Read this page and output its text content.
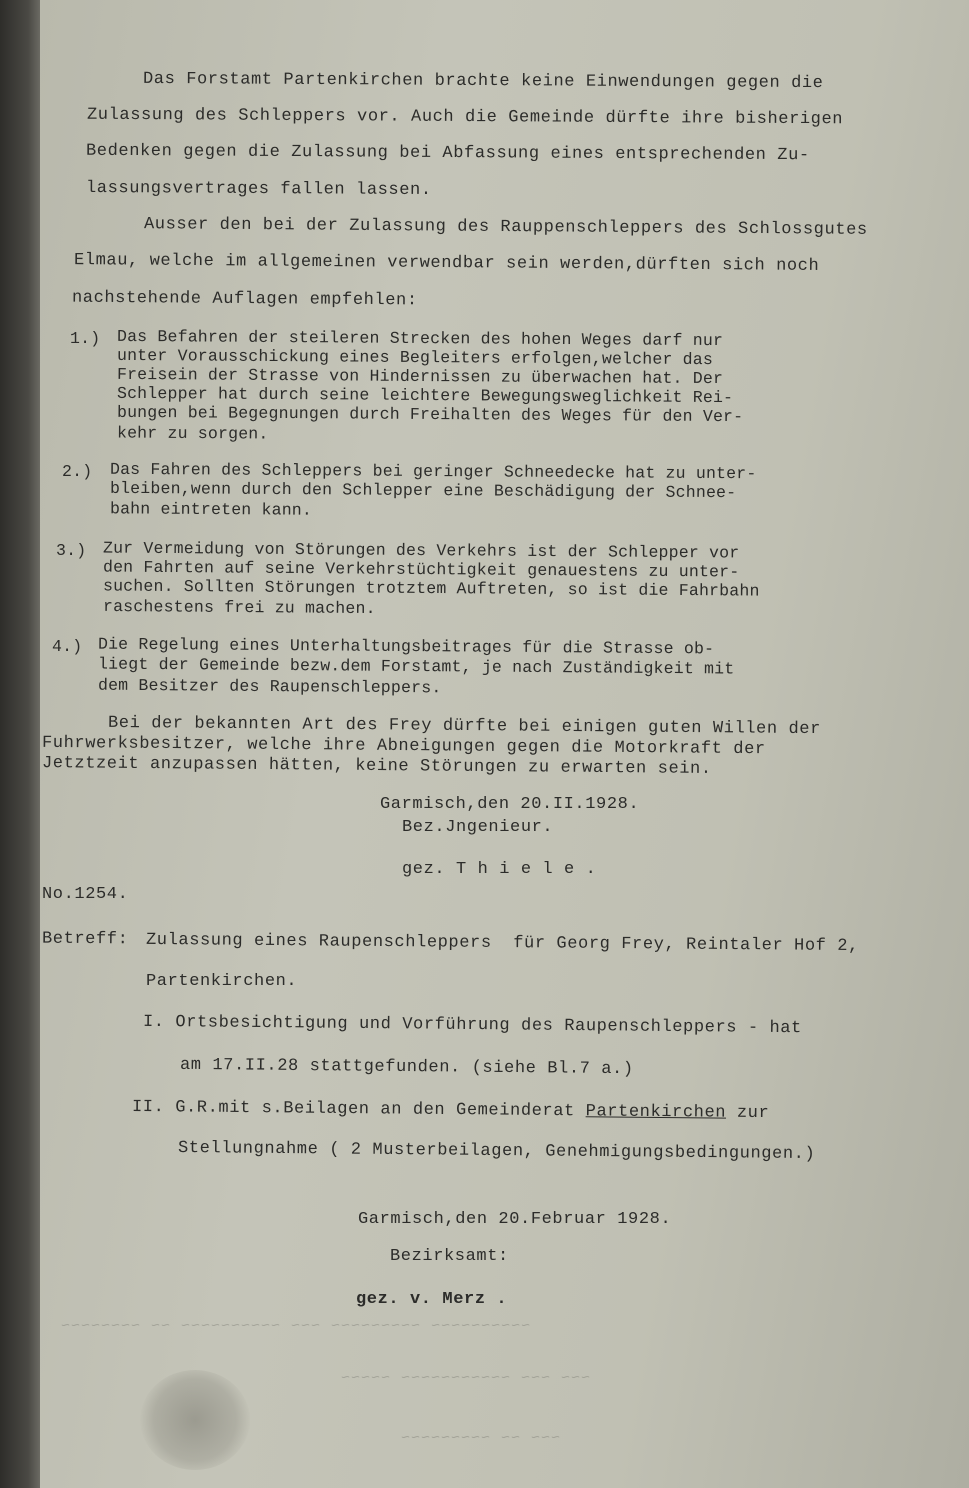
Das Forstamt Partenkirchen brachte keine Einwendungen gegen die
Zulassung des Schleppers vor. Auch die Gemeinde dürfte ihre bisherigen
Bedenken gegen die Zulassung bei Abfassung eines entsprechenden Zu-
lassungsvertrages fallen lassen.
Ausser den bei der Zulassung des Rauppenschleppers des Schlossgutes
Elmau, welche im allgemeinen verwendbar sein werden,dürften sich noch
nachstehende Auflagen empfehlen:
1.) Das Befahren der steileren Strecken des hohen Weges darf nur
unter Vorausschickung eines Begleiters erfolgen,welcher das
Freisein der Strasse von Hindernissen zu überwachen hat. Der
Schlepper hat durch seine leichtere Bewegungsweglichkeit Rei-
bungen bei Begegnungen durch Freihalten des Weges für den Ver-
kehr zu sorgen.
2.) Das Fahren des Schleppers bei geringer Schneedecke hat zu unter-
bleiben,wenn durch den Schlepper eine Beschädigung der Schnee-
bahn eintreten kann.
3.) Zur Vermeidung von Störungen des Verkehrs ist der Schlepper vor
den Fahrten auf seine Verkehrstüchtigkeit genauestens zu unter-
suchen. Sollten Störungen trotztem Auftreten, so ist die Fahrbahn
raschestens frei zu machen.
4.) Die Regelung eines Unterhaltungsbeitrages für die Strasse ob-
liegt der Gemeinde bezw.dem Forstamt, je nach Zuständigkeit mit
dem Besitzer des Raupenschleppers.
Bei der bekannten Art des Frey dürfte bei einigen guten Willen der
Fuhrwerksbesitzer, welche ihre Abneigungen gegen die Motorkraft der
Jetztzeit anzupassen hätten, keine Störungen zu erwarten sein.
Garmisch,den 20.II.1928.
Bez.Jngenieur.
gez. T h i e l e .
No.1254.
Betreff: Zulassung eines Raupenschleppers  für Georg Frey, Reintaler Hof 2,
Partenkirchen.
I. Ortsbesichtigung und Vorführung des Raupenschleppers - hat
am 17.II.28 stattgefunden. (siehe Bl.7 a.)
II. G.R.mit s.Beilagen an den Gemeinderat Partenkirchen zur
Stellungnahme ( 2 Musterbeilagen, Genehmigungsbedingungen.)
Garmisch,den 20.Februar 1928.
Bezirksamt:
gez. v. Merz .
~~~~~~~~~~ ~~~~~~~~~ ~~~ ~~~~~~~~~~ ~~ ~~~~~~~~
~~~ ~~~ ~~~~~~~~~~~ ~~~~~
~~~ ~~ ~~~~~~~~~
